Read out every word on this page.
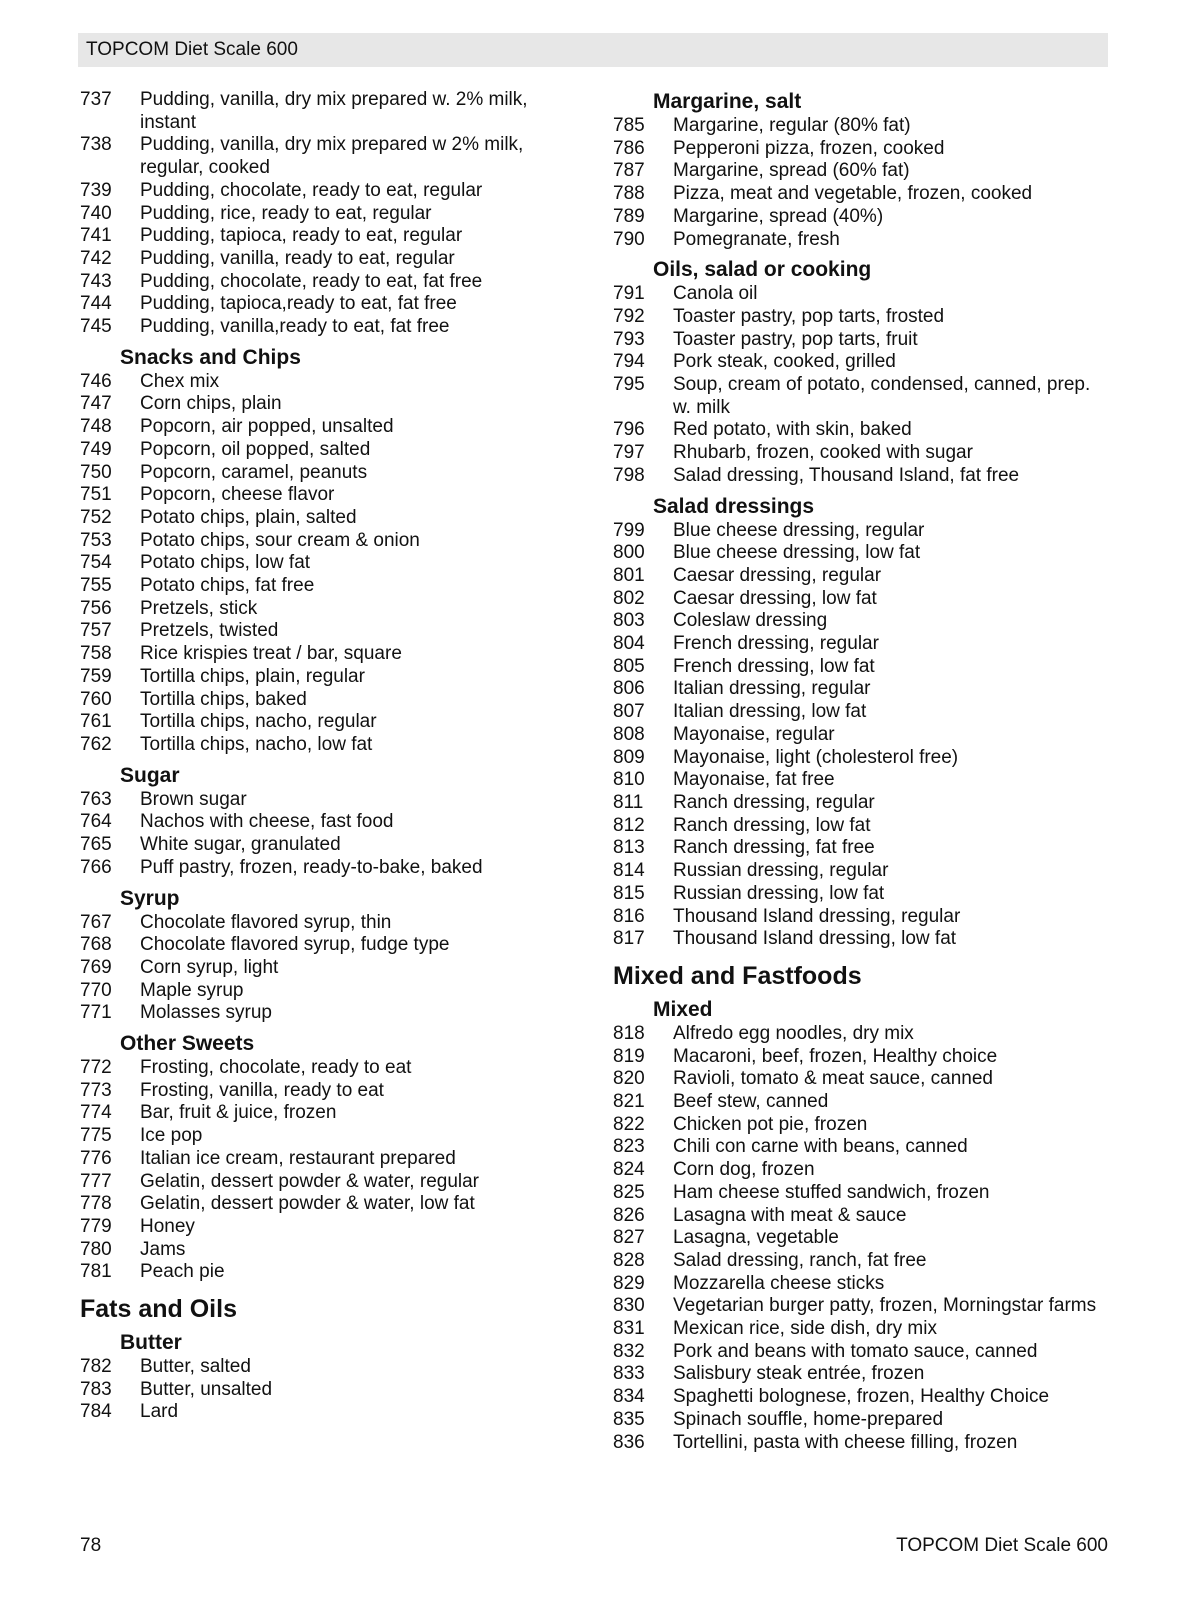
TOPCOM Diet Scale 600
737	Pudding, vanilla, dry mix prepared w. 2% milk, instant
738	Pudding, vanilla, dry mix prepared w 2% milk, regular, cooked
739	Pudding, chocolate, ready to eat, regular
740	Pudding, rice, ready to eat, regular
741	Pudding, tapioca, ready to eat, regular
742	Pudding, vanilla, ready to eat, regular
743	Pudding, chocolate, ready to eat, fat free
744	Pudding, tapioca,ready to eat, fat free
745	Pudding, vanilla,ready to eat, fat free
Snacks and Chips
746	Chex mix
747	Corn chips, plain
748	Popcorn, air popped, unsalted
749	Popcorn, oil popped, salted
750	Popcorn, caramel, peanuts
751	Popcorn, cheese flavor
752	Potato chips, plain, salted
753	Potato chips, sour cream & onion
754	Potato chips, low fat
755	Potato chips, fat free
756	Pretzels, stick
757	Pretzels, twisted
758	Rice krispies treat / bar, square
759	Tortilla chips, plain, regular
760	Tortilla chips, baked
761	Tortilla chips, nacho, regular
762	Tortilla chips, nacho, low fat
Sugar
763	Brown sugar
764	Nachos with cheese, fast food
765	White sugar, granulated
766	Puff pastry, frozen, ready-to-bake, baked
Syrup
767	Chocolate flavored syrup, thin
768	Chocolate flavored syrup, fudge type
769	Corn syrup, light
770	Maple syrup
771	Molasses syrup
Other Sweets
772	Frosting, chocolate, ready to eat
773	Frosting, vanilla, ready to eat
774	Bar, fruit & juice, frozen
775	Ice pop
776	Italian ice cream, restaurant prepared
777	Gelatin, dessert powder & water, regular
778	Gelatin, dessert powder & water, low fat
779	Honey
780	Jams
781	Peach pie
Fats and Oils
Butter
782	Butter, salted
783	Butter, unsalted
784	Lard
Margarine, salt
785	Margarine, regular (80% fat)
786	Pepperoni pizza, frozen, cooked
787	Margarine, spread (60% fat)
788	Pizza, meat and vegetable, frozen, cooked
789	Margarine, spread (40%)
790	Pomegranate, fresh
Oils, salad or cooking
791	Canola oil
792	Toaster pastry, pop tarts, frosted
793	Toaster pastry, pop tarts, fruit
794	Pork steak, cooked, grilled
795	Soup, cream of potato, condensed, canned, prep. w. milk
796	Red potato, with skin, baked
797	Rhubarb, frozen, cooked with sugar
798	Salad dressing, Thousand Island, fat free
Salad dressings
799	Blue cheese dressing, regular
800	Blue cheese dressing, low fat
801	Caesar dressing, regular
802	Caesar dressing, low fat
803	Coleslaw dressing
804	French dressing, regular
805	French dressing, low fat
806	Italian dressing, regular
807	Italian dressing, low fat
808	Mayonaise, regular
809	Mayonaise, light (cholesterol free)
810	Mayonaise, fat free
811	Ranch dressing, regular
812	Ranch dressing, low fat
813	Ranch dressing, fat free
814	Russian dressing, regular
815	Russian dressing, low fat
816	Thousand Island dressing, regular
817	Thousand Island dressing, low fat
Mixed and Fastfoods
Mixed
818	Alfredo egg noodles, dry mix
819	Macaroni, beef, frozen, Healthy choice
820	Ravioli, tomato & meat sauce, canned
821	Beef stew, canned
822	Chicken pot pie, frozen
823	Chili con carne with beans, canned
824	Corn dog, frozen
825	Ham cheese stuffed sandwich, frozen
826	Lasagna with meat & sauce
827	Lasagna, vegetable
828	Salad dressing, ranch, fat free
829	Mozzarella cheese sticks
830	Vegetarian burger patty, frozen, Morningstar farms
831	Mexican rice, side dish, dry mix
832	Pork and beans with tomato sauce, canned
833	Salisbury steak entrée, frozen
834	Spaghetti bolognese, frozen, Healthy Choice
835	Spinach souffle, home-prepared
836	Tortellini, pasta with cheese filling, frozen
78	TOPCOM Diet Scale 600
